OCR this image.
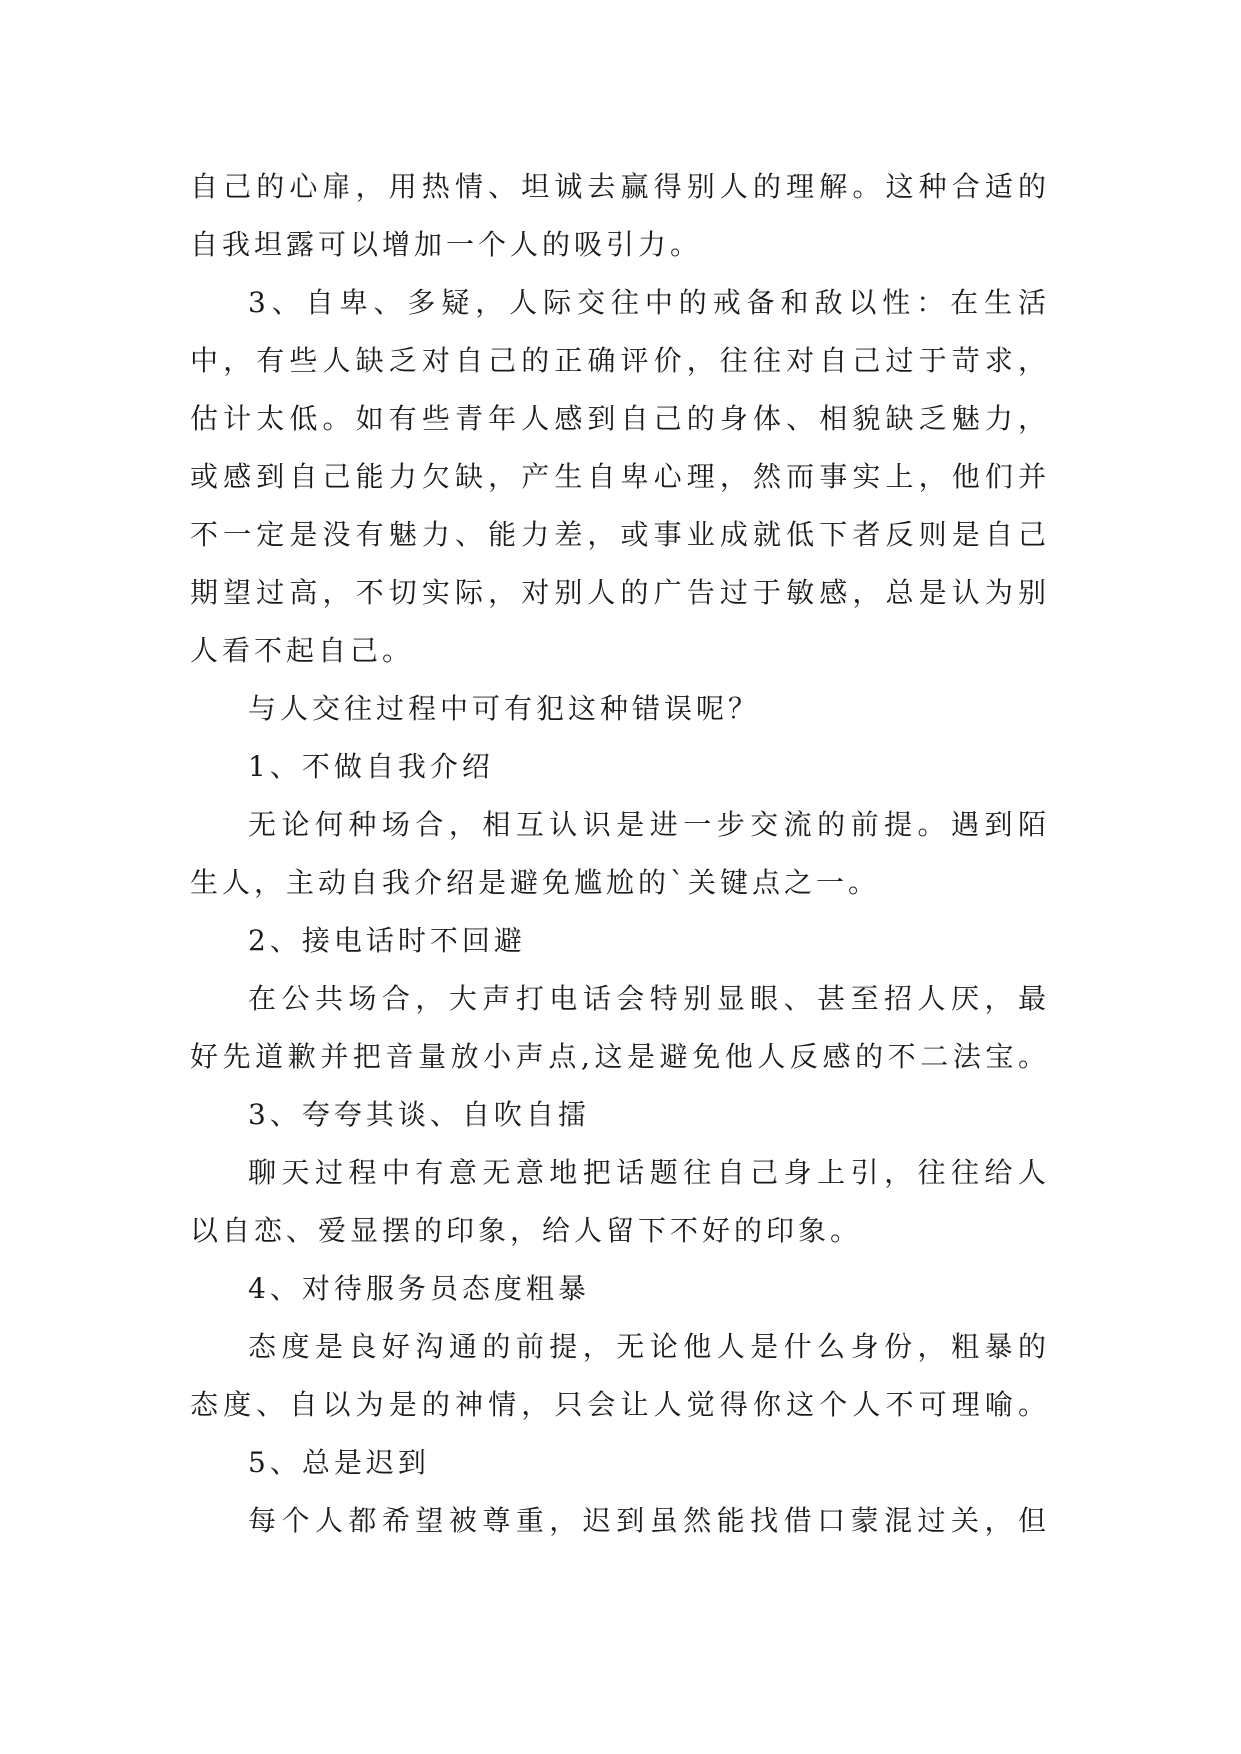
自己的心扉，用热情、坦诚去赢得别人的理解。这种合适的
自我坦露可以增加一个人的吸引力。
3、自卑、多疑，人际交往中的戒备和敌以性：在生活
中，有些人缺乏对自己的正确评价，往往对自己过于苛求，
估计太低。如有些青年人感到自己的身体、相貌缺乏魅力，
或感到自己能力欠缺，产生自卑心理，然而事实上，他们并
不一定是没有魅力、能力差，或事业成就低下者反则是自己
期望过高，不切实际，对别人的广告过于敏感，总是认为别
人看不起自己。
与人交往过程中可有犯这种错误呢？
1、不做自我介绍
无论何种场合，相互认识是进一步交流的前提。遇到陌
生人，主动自我介绍是避免尴尬的`关键点之一。
2、接电话时不回避
在公共场合，大声打电话会特别显眼、甚至招人厌，最
好先道歉并把音量放小声点,这是避免他人反感的不二法宝。
3、夸夸其谈、自吹自擂
聊天过程中有意无意地把话题往自己身上引，往往给人
以自恋、爱显摆的印象，给人留下不好的印象。
4、对待服务员态度粗暴
态度是良好沟通的前提，无论他人是什么身份，粗暴的
态度、自以为是的神情，只会让人觉得你这个人不可理喻。
5、总是迟到
每个人都希望被尊重，迟到虽然能找借口蒙混过关，但
